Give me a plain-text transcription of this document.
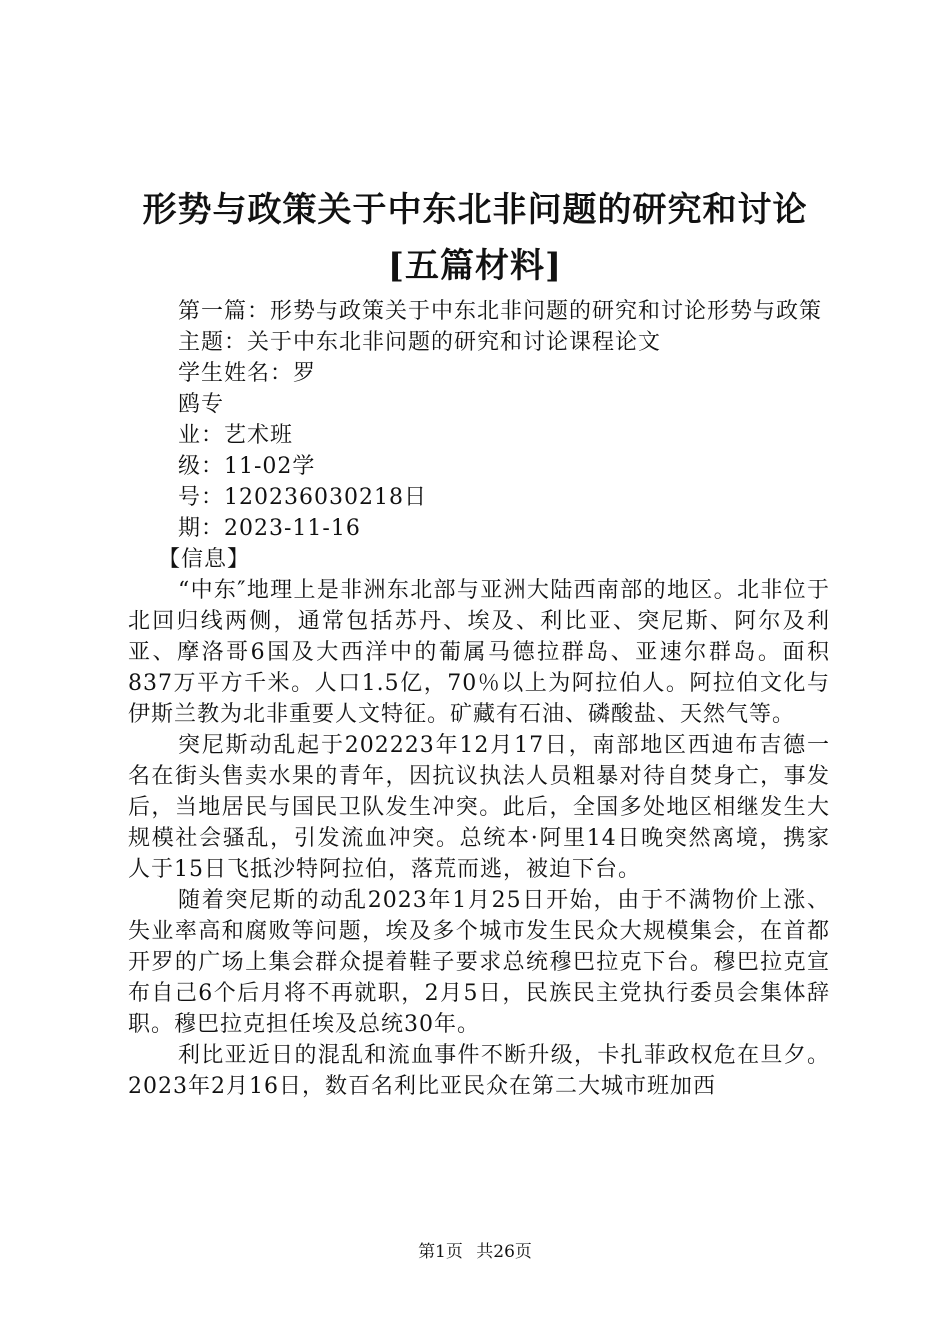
形势与政策关于中东北非问题的研究和讨论
[五篇材料]

第一篇：形势与政策关于中东北非问题的研究和讨论形势与政策

主题：关于中东北非问题的研究和讨论课程论文

学生姓名：罗

鸥专

业：艺术班

级：11-02学

号：120236030218日

期：2023-11-16

【信息】

“中东″地理上是非洲东北部与亚洲大陆西南部的地区。北非位于北回归线两侧，通常包括苏丹、埃及、利比亚、突尼斯、阿尔及利亚、摩洛哥6国及大西洋中的葡属马德拉群岛、亚速尔群岛。面积837万平方千米。人口1.5亿，70％以上为阿拉伯人。阿拉伯文化与伊斯兰教为北非重要人文特征。矿藏有石油、磷酸盐、天然气等。

突尼斯动乱起于202223年12月17日，南部地区西迪布吉德一名在街头售卖水果的青年，因抗议执法人员粗暴对待自焚身亡，事发后，当地居民与国民卫队发生冲突。此后，全国多处地区相继发生大规模社会骚乱，引发流血冲突。总统本·阿里14日晚突然离境，携家人于15日飞抵沙特阿拉伯，落荒而逃，被迫下台。

随着突尼斯的动乱2023年1月25日开始，由于不满物价上涨、失业率高和腐败等问题，埃及多个城市发生民众大规模集会，在首都开罗的广场上集会群众提着鞋子要求总统穆巴拉克下台。穆巴拉克宣布自己6个后月将不再就职，2月5日，民族民主党执行委员会集体辞职。穆巴拉克担任埃及总统30年。

利比亚近日的混乱和流血事件不断升级，卡扎菲政权危在旦夕。2023年2月16日，数百名利比亚民众在第二大城市班加西

第1页 共26页
